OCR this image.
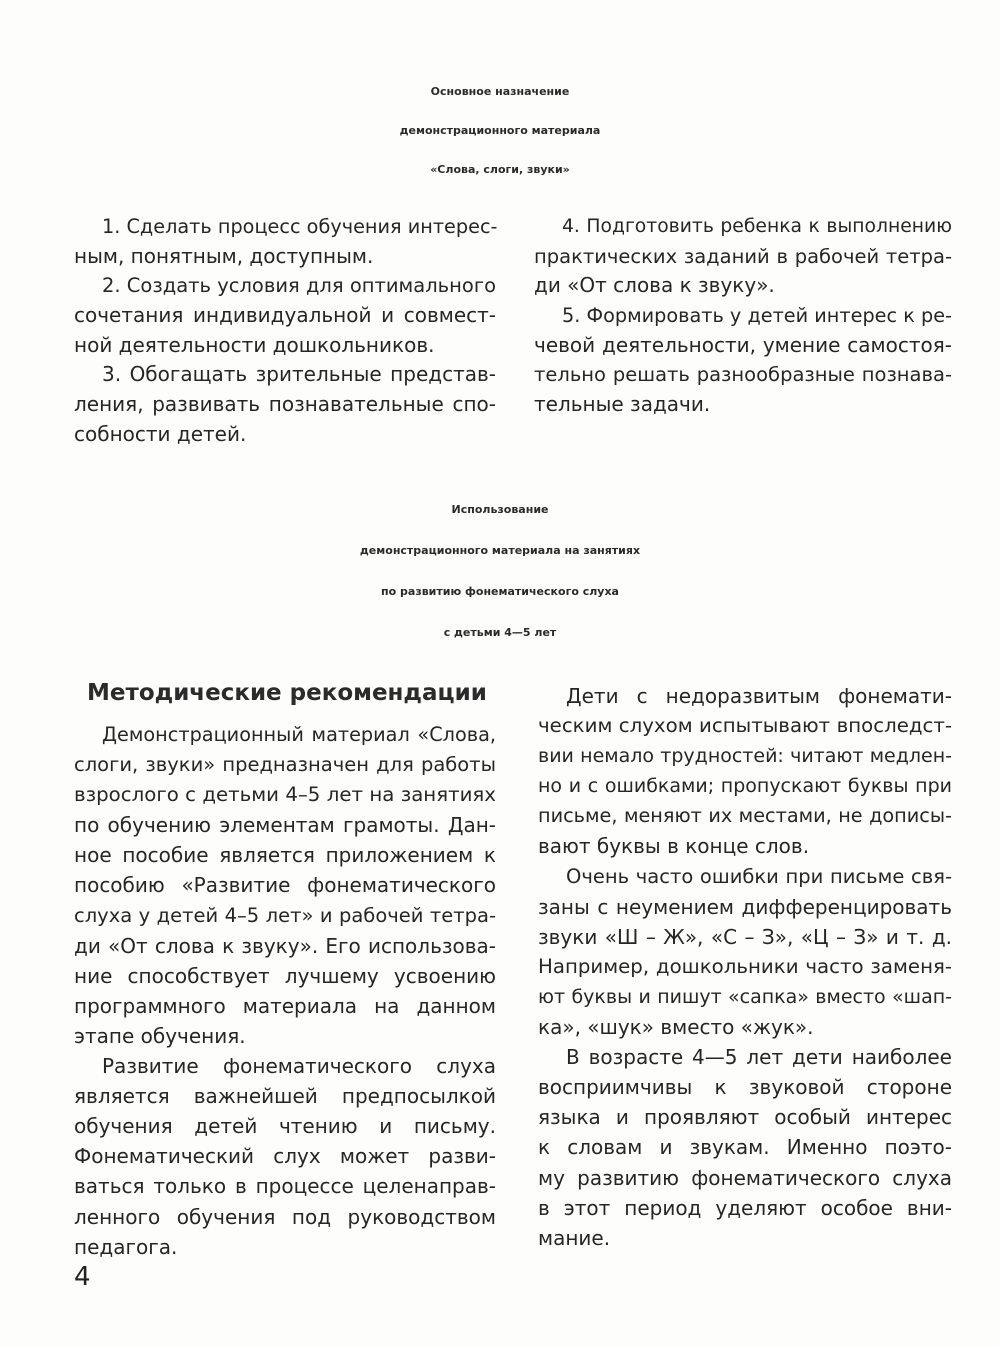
Основное назначение
демонстрационного материала
«Слова, слоги, звуки»
1. Сделать процесс обучения интерес-
ным, понятным, доступным.
2. Создать условия для оптимального
сочетания индивидуальной и совмест-
ной деятельности дошкольников.
3. Обогащать зрительные представ-
ления, развивать познавательные спо-
собности детей.
4. Подготовить ребенка к выполнению
практических заданий в рабочей тетра-
ди «От слова к звуку».
5. Формировать у детей интерес к ре-
чевой деятельности, умение самостоя-
тельно решать разнообразные познава-
тельные задачи.
Использование
демонстрационного материала на занятиях
по развитию фонематического слуха
с детьми 4—5 лет
Методические рекомендации
Демонстрационный материал «Слова,
слоги, звуки» предназначен для работы
взрослого с детьми 4–5 лет на занятиях
по обучению элементам грамоты. Дан-
ное пособие является приложением к
пособию «Развитие фонематического
слуха у детей 4–5 лет» и рабочей тетра-
ди «От слова к звуку». Его использова-
ние способствует лучшему усвоению
программного материала на данном
этапе обучения.
Развитие фонематического слуха
является важнейшей предпосылкой
обучения детей чтению и письму.
Фонематический слух может разви-
ваться только в процессе целенаправ-
ленного обучения под руководством
педагога.
Дети с недоразвитым фонемати-
ческим слухом испытывают впоследст-
вии немало трудностей: читают медлен-
но и с ошибками; пропускают буквы при
письме, меняют их местами, не дописы-
вают буквы в конце слов.
Очень часто ошибки при письме свя-
заны с неумением дифференцировать
звуки «Ш – Ж», «С – З», «Ц – З» и т. д.
Например, дошкольники часто заменя-
ют буквы и пишут «сапка» вместо «шап-
ка», «шук» вместо «жук».
В возрасте 4—5 лет дети наиболее
восприимчивы к звуковой стороне
языка и проявляют особый интерес
к словам и звукам. Именно поэто-
му развитию фонематического слуха
в этот период уделяют особое вни-
мание.
4
